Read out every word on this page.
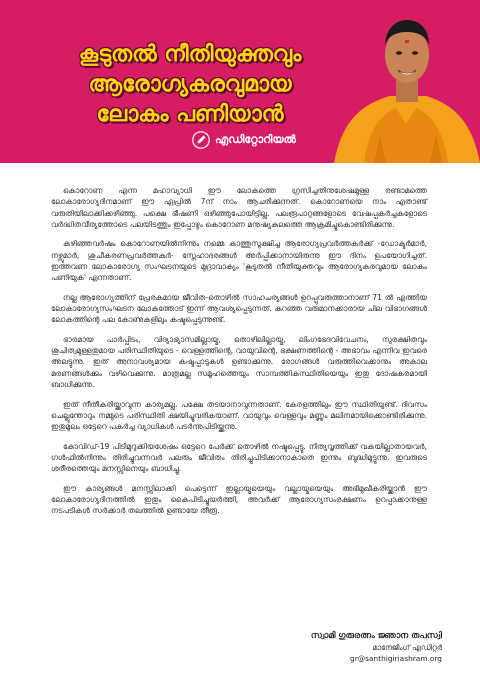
കൂടുതൽ നീതിയുക്തവും
ആരോഗ്യകരവുമായ
ലോകം പണിയാൻ
എഡിറ്റോറിയൽ

കൊറോണ എന്ന മഹാവ്യാധി ഈ ലോകത്തെ ഗ്രസിച്ചതിനുശേഷമുള്ള രണ്ടാമത്തെ ലോകാരോഗ്യദിനമാണ് ഈ ഏപ്രിൽ 7ന് നാം ആചരിക്കുന്നത്. കൊറോണയെ നാം എതാണ്ട് വരുതിയിലാക്കിക്കഴിഞ്ഞു. പക്ഷെ ഭീഷണി ഒഴിഞ്ഞുപോയിട്ടില്ല. പലരൂപാറ്റങ്ങളോടെ വേഷപ്പകർച്ചകളോടെ വർദ്ധിതവീര്യത്തോടെ പലയിടത്തും ഇപ്പോഴും കൊറോണ മനുഷ്യകുലത്തെ ആക്രമിച്ചുകൊണ്ടിരിക്കുന്നു.

കഴിഞ്ഞവർഷം കൊറോണയിൽനിന്നും നമ്മെ കാത്തുസൂക്ഷിച്ച ആരോഗ്യപ്രവർത്തകർക്ക് -ഡോക്ടർമാർ, നഴ്സുമാർ, ശുചീകരണപ്രവർത്തകർ- സ്നേഹാദരങ്ങൾ അർപ്പിക്കാനായിരുന്നു ഈ ദിനം ഉപയോഗിച്ചത്. ഇത്തവണ ലോകാരോഗ്യ സംഘടനയുടെ മുദ്രാവാക്യം 'കൂടുതൽ നീതിയുക്തവും ആരോഗ്യകരവുമായ ലോകം പണിയുക' എന്നതാണ്.

നല്ല ആരോഗ്യത്തിന് പ്രേരകമായ ജീവിത-തൊഴിൽ സാഹചര്യങ്ങൾ ഉറപ്പുവരുത്താനാണ് 71 ൽ എത്തിയ ലോകാരോഗ്യസംഘടന ലോകത്തോട് ഇന്ന് ആവശ്യപ്പെടുന്നത്. കുറഞ്ഞ വരുമാനക്കാരായ ചില വിഭാഗങ്ങൾ ലോകത്തിന്റെ പല കോണുകളിലും കഷ്ടപ്പെടുന്നുണ്ട്.

ഭാരമായ പാർപ്പിടം, വിദ്യാഭ്യാസമില്ലായ്മ, തൊഴിലില്ലായ്മ, ലിംഗഭേദവിവേചനം, സുരക്ഷിതവും ശുചിത്വമുള്ളതുമായ പരിസ്ഥിതിയുടെ - വെള്ളത്തിന്റെ, വായുവിന്റെ, ഭക്ഷണത്തിന്റെ - അഭാവം എന്നിവ ഇവരെ അലട്ടുന്നു. ഇത് അനാവശ്യമായ കഷ്ടപ്പാടുകൾ ഉണ്ടാക്കുന്നു. രോഗങ്ങൾ വരുത്തിവെക്കാനും അകാല മരണങ്ങൾക്കും വഴിവെക്കുന്നു. മാത്രമല്ല സമൂഹത്തെയും സാമ്പത്തികസ്ഥിതിയെയും ഇതു ദോഷകരമായി ബാധിക്കുന്നു.

ഇത് നീതീകരിയ്ക്കാവുന്ന കാര്യമല്ല. പക്ഷേ തടയാനാവുന്നതാണ്. കേരളത്തിലും ഈ സ്ഥിതിയുണ്ട്. ദിവസം ചെല്ലുന്തോറും നമ്മുടെ പരിസ്ഥിതി ക്ഷയിച്ചുവരികയാണ്. വായുവും വെള്ളവും മണ്ണും മലിനമായിക്കൊണ്ടിരിക്കുന്നു. ഇതുമൂലം ഒട്ടേറെ പകർച്ച വ്യാധികൾ പടർന്നുപിടിയ്ക്കുന്നു.

കോവിഡ്-19 പിടിമുറുക്കിയശേഷം ഒട്ടേറെ പേർക്ക് തൊഴിൽ നഷ്ടപ്പെട്ടു. നിത്യവൃത്തിക്ക് വകയില്ലാതായവർ, ഗൾഫിൽനിന്നും തിരിച്ചുവന്നവർ പലരും ജീവിതം തിരിച്ചുപിടിക്കാനാകാതെ ഇന്നും ബുദ്ധിമുട്ടുന്നു. ഇവരുടെ ശരീരത്തെയും മനസ്സിനെയും ബാധിച്ചു.

ഈ കാര്യങ്ങൾ മനസ്സിലാക്കി പെട്ടെന്ന് ഇല്ലായ്മയെയും വല്ലായ്മയെയും അഭിമുഖീകരിയ്ക്കാൻ ഈ ലോകാരോഗ്യദിനത്തിൽ ഇതും കൈപിടിച്ചുയർത്തി, അവർക്ക് ആരോഗ്യസംരക്ഷണം ഉറപ്പാക്കാനുള്ള നടപടികൾ സർക്കാർ തലത്തിൽ ഉണ്ടായേ തീരൂ.

സ്വാമി ഗുരുരത്നം ജ്ഞാന തപസ്വി
മാനേജിംഗ് എഡിറ്റർ
gr@santhigiriashram.org
